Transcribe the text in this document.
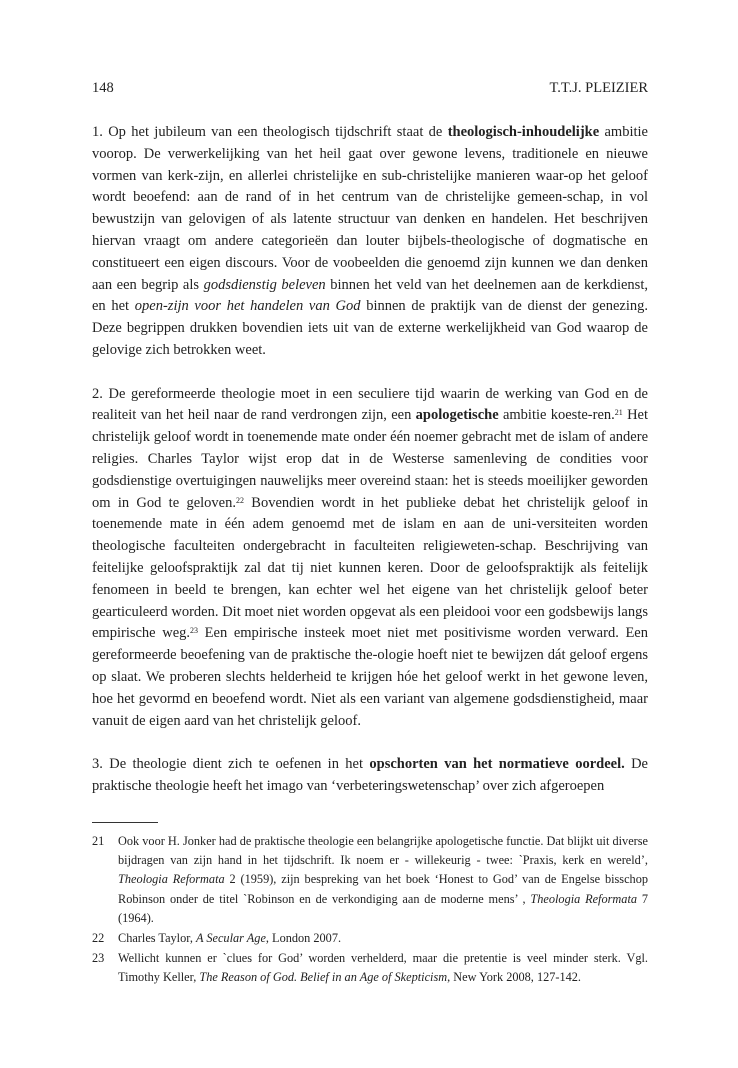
148	T.T.J. PLEIZIER

1. Op het jubileum van een theologisch tijdschrift staat de theologisch-inhoudelijke ambitie voorop. De verwerkelijking van het heil gaat over gewone levens, traditionele en nieuwe vormen van kerk-zijn, en allerlei christelijke en sub-christelijke manieren waar-op het geloof wordt beoefend: aan de rand of in het centrum van de christelijke gemeen-schap, in vol bewustzijn van gelovigen of als latente structuur van denken en handelen. Het beschrijven hiervan vraagt om andere categorieën dan louter bijbels-theologische of dogmatische en constitueert een eigen discours. Voor de voobeelden die genoemd zijn kunnen we dan denken aan een begrip als godsdienstig beleven binnen het veld van het deelnemen aan de kerkdienst, en het open-zijn voor het handelen van God binnen de praktijk van de dienst der genezing. Deze begrippen drukken bovendien iets uit van de externe werkelijkheid van God waarop de gelovige zich betrokken weet.

2. De gereformeerde theologie moet in een seculiere tijd waarin de werking van God en de realiteit van het heil naar de rand verdrongen zijn, een apologetische ambitie koeste-ren.$^{21}$ Het christelijk geloof wordt in toenemende mate onder één noemer gebracht met de islam of andere religies. Charles Taylor wijst erop dat in de Westerse samenleving de condities voor godsdienstige overtuigingen nauwelijks meer overeind staan: het is steeds moeilijker geworden om in God te geloven.$^{22}$ Bovendien wordt in het publieke debat het christelijk geloof in toenemende mate in één adem genoemd met de islam en aan de uni-versiteiten worden theologische faculteiten ondergebracht in faculteiten religieweten-schap. Beschrijving van feitelijke geloofspraktijk zal dat tij niet kunnen keren. Door de geloofspraktijk als feitelijk fenomeen in beeld te brengen, kan echter wel het eigene van het christelijk geloof beter gearticuleerd worden. Dit moet niet worden opgevat als een pleidooi voor een godsbewijs langs empirische weg.$^{23}$ Een empirische insteek moet niet met positivisme worden verward. Een gereformeerde beoefening van de praktische the-ologie hoeft niet te bewijzen dát geloof ergens op slaat. We proberen slechts helderheid te krijgen hóe het geloof werkt in het gewone leven, hoe het gevormd en beoefend wordt. Niet als een variant van algemene godsdienstigheid, maar vanuit de eigen aard van het christelijk geloof.

3. De theologie dient zich te oefenen in het opschorten van het normatieve oordeel. De praktische theologie heeft het imago van ‘verbeteringswetenschap’ over zich afgeroepen

21	Ook voor H. Jonker had de praktische theologie een belangrijke apologetische functie. Dat blijkt uit diverse bijdragen van zijn hand in het tijdschrift. Ik noem er - willekeurig - twee: `Praxis, kerk en wereld’, Theologia Reformata 2 (1959), zijn bespreking van het boek ‘Honest to God’ van de Engelse bisschop Robinson onder de titel `Robinson en de verkondiging aan de moderne mens’ , Theologia Reformata 7 (1964).
22	Charles Taylor, A Secular Age, London 2007.
23	Wellicht kunnen er `clues for God’ worden verhelderd, maar die pretentie is veel minder sterk. Vgl. Timothy Keller, The Reason of God. Belief in an Age of Skepticism, New York 2008, 127-142.
